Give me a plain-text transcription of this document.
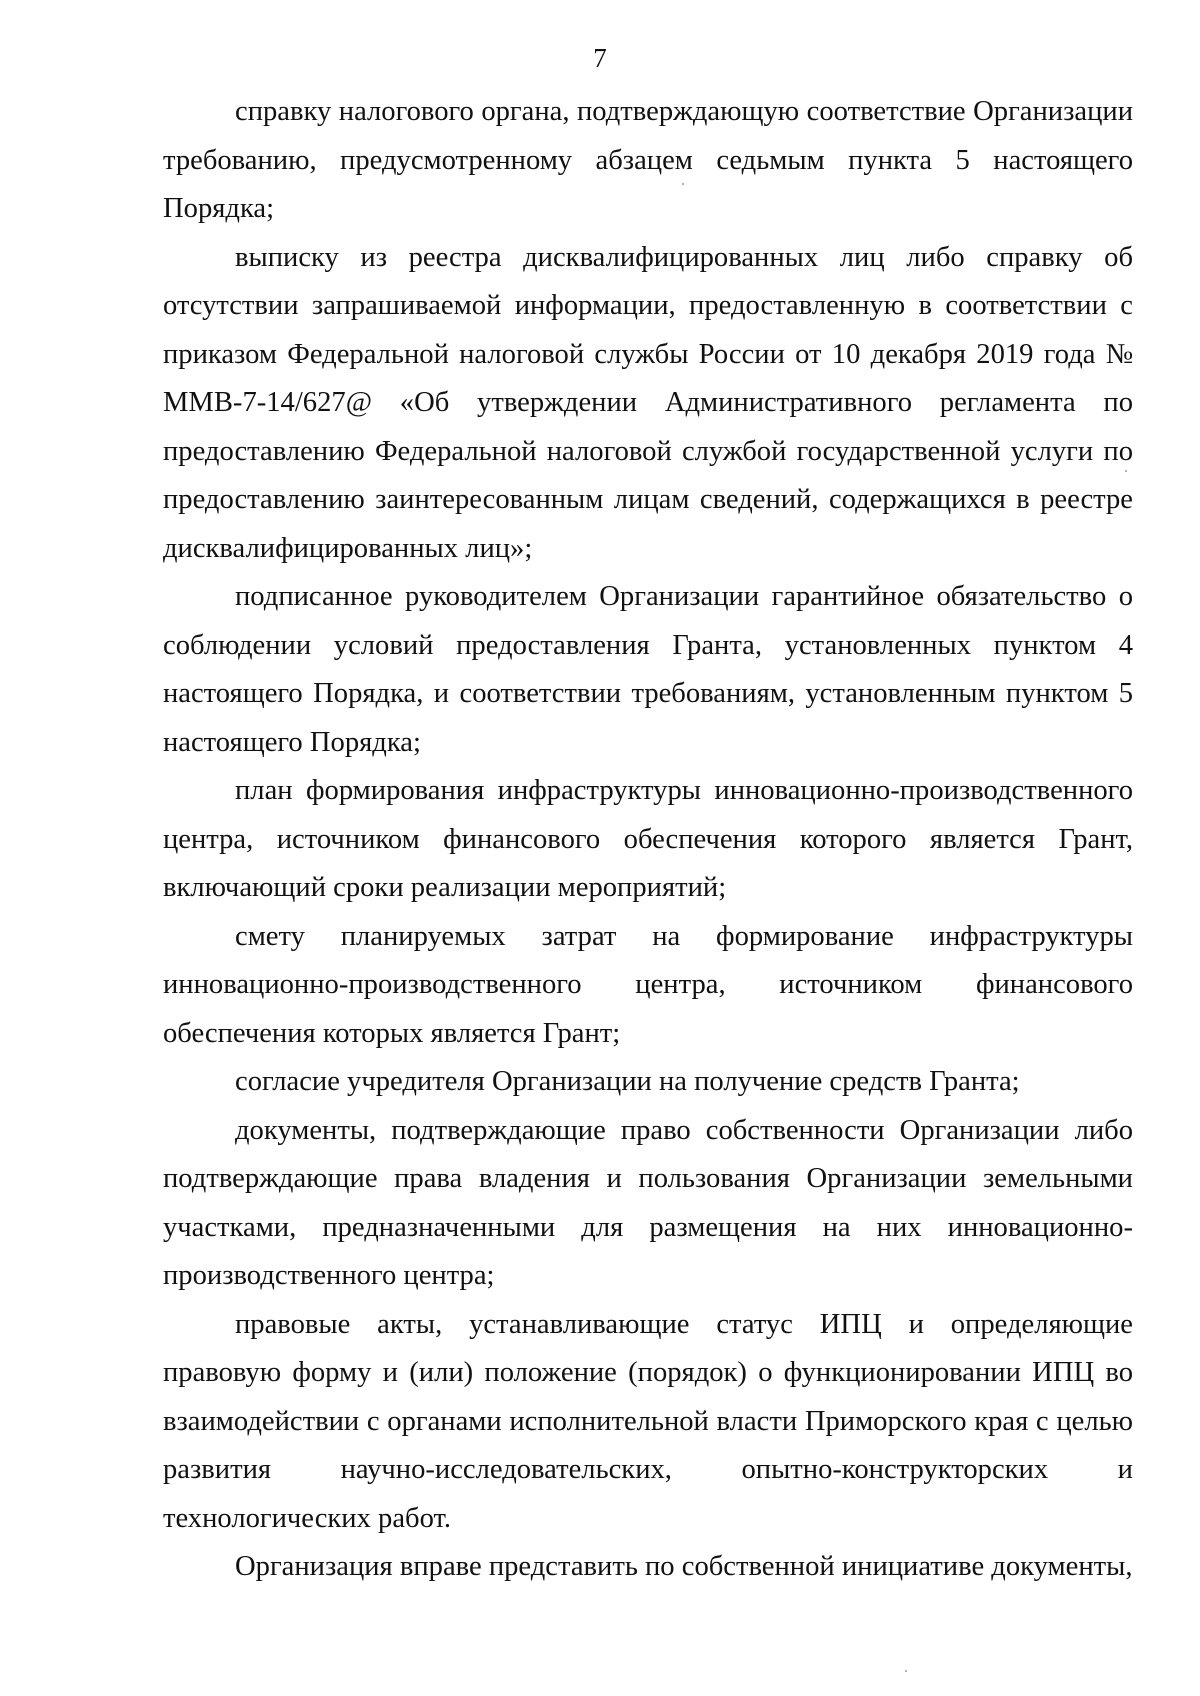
7

справку налогового органа, подтверждающую соответствие Организации требованию, предусмотренному абзацем седьмым пункта 5 настоящего Порядка;

выписку из реестра дисквалифицированных лиц либо справку об отсутствии запрашиваемой информации, предоставленную в соответствии с приказом Федеральной налоговой службы России от 10 декабря 2019 года № ММВ-7-14/627@ «Об утверждении Административного регламента по предоставлению Федеральной налоговой службой государственной услуги по предоставлению заинтересованным лицам сведений, содержащихся в реестре дисквалифицированных лиц»;

подписанное руководителем Организации гарантийное обязательство о соблюдении условий предоставления Гранта, установленных пунктом 4 настоящего Порядка, и соответствии требованиям, установленным пунктом 5 настоящего Порядка;

план формирования инфраструктуры инновационно-производственного центра, источником финансового обеспечения которого является Грант, включающий сроки реализации мероприятий;

смету планируемых затрат на формирование инфраструктуры инновационно-производственного центра, источником финансового обеспечения которых является Грант;

согласие учредителя Организации на получение средств Гранта;

документы, подтверждающие право собственности Организации либо подтверждающие права владения и пользования Организации земельными участками, предназначенными для размещения на них инновационно-производственного центра;

правовые акты, устанавливающие статус ИПЦ и определяющие правовую форму и (или) положение (порядок) о функционировании ИПЦ во взаимодействии с органами исполнительной власти Приморского края с целью развития научно-исследовательских, опытно-конструкторских и технологических работ.

Организация вправе представить по собственной инициативе документы,
